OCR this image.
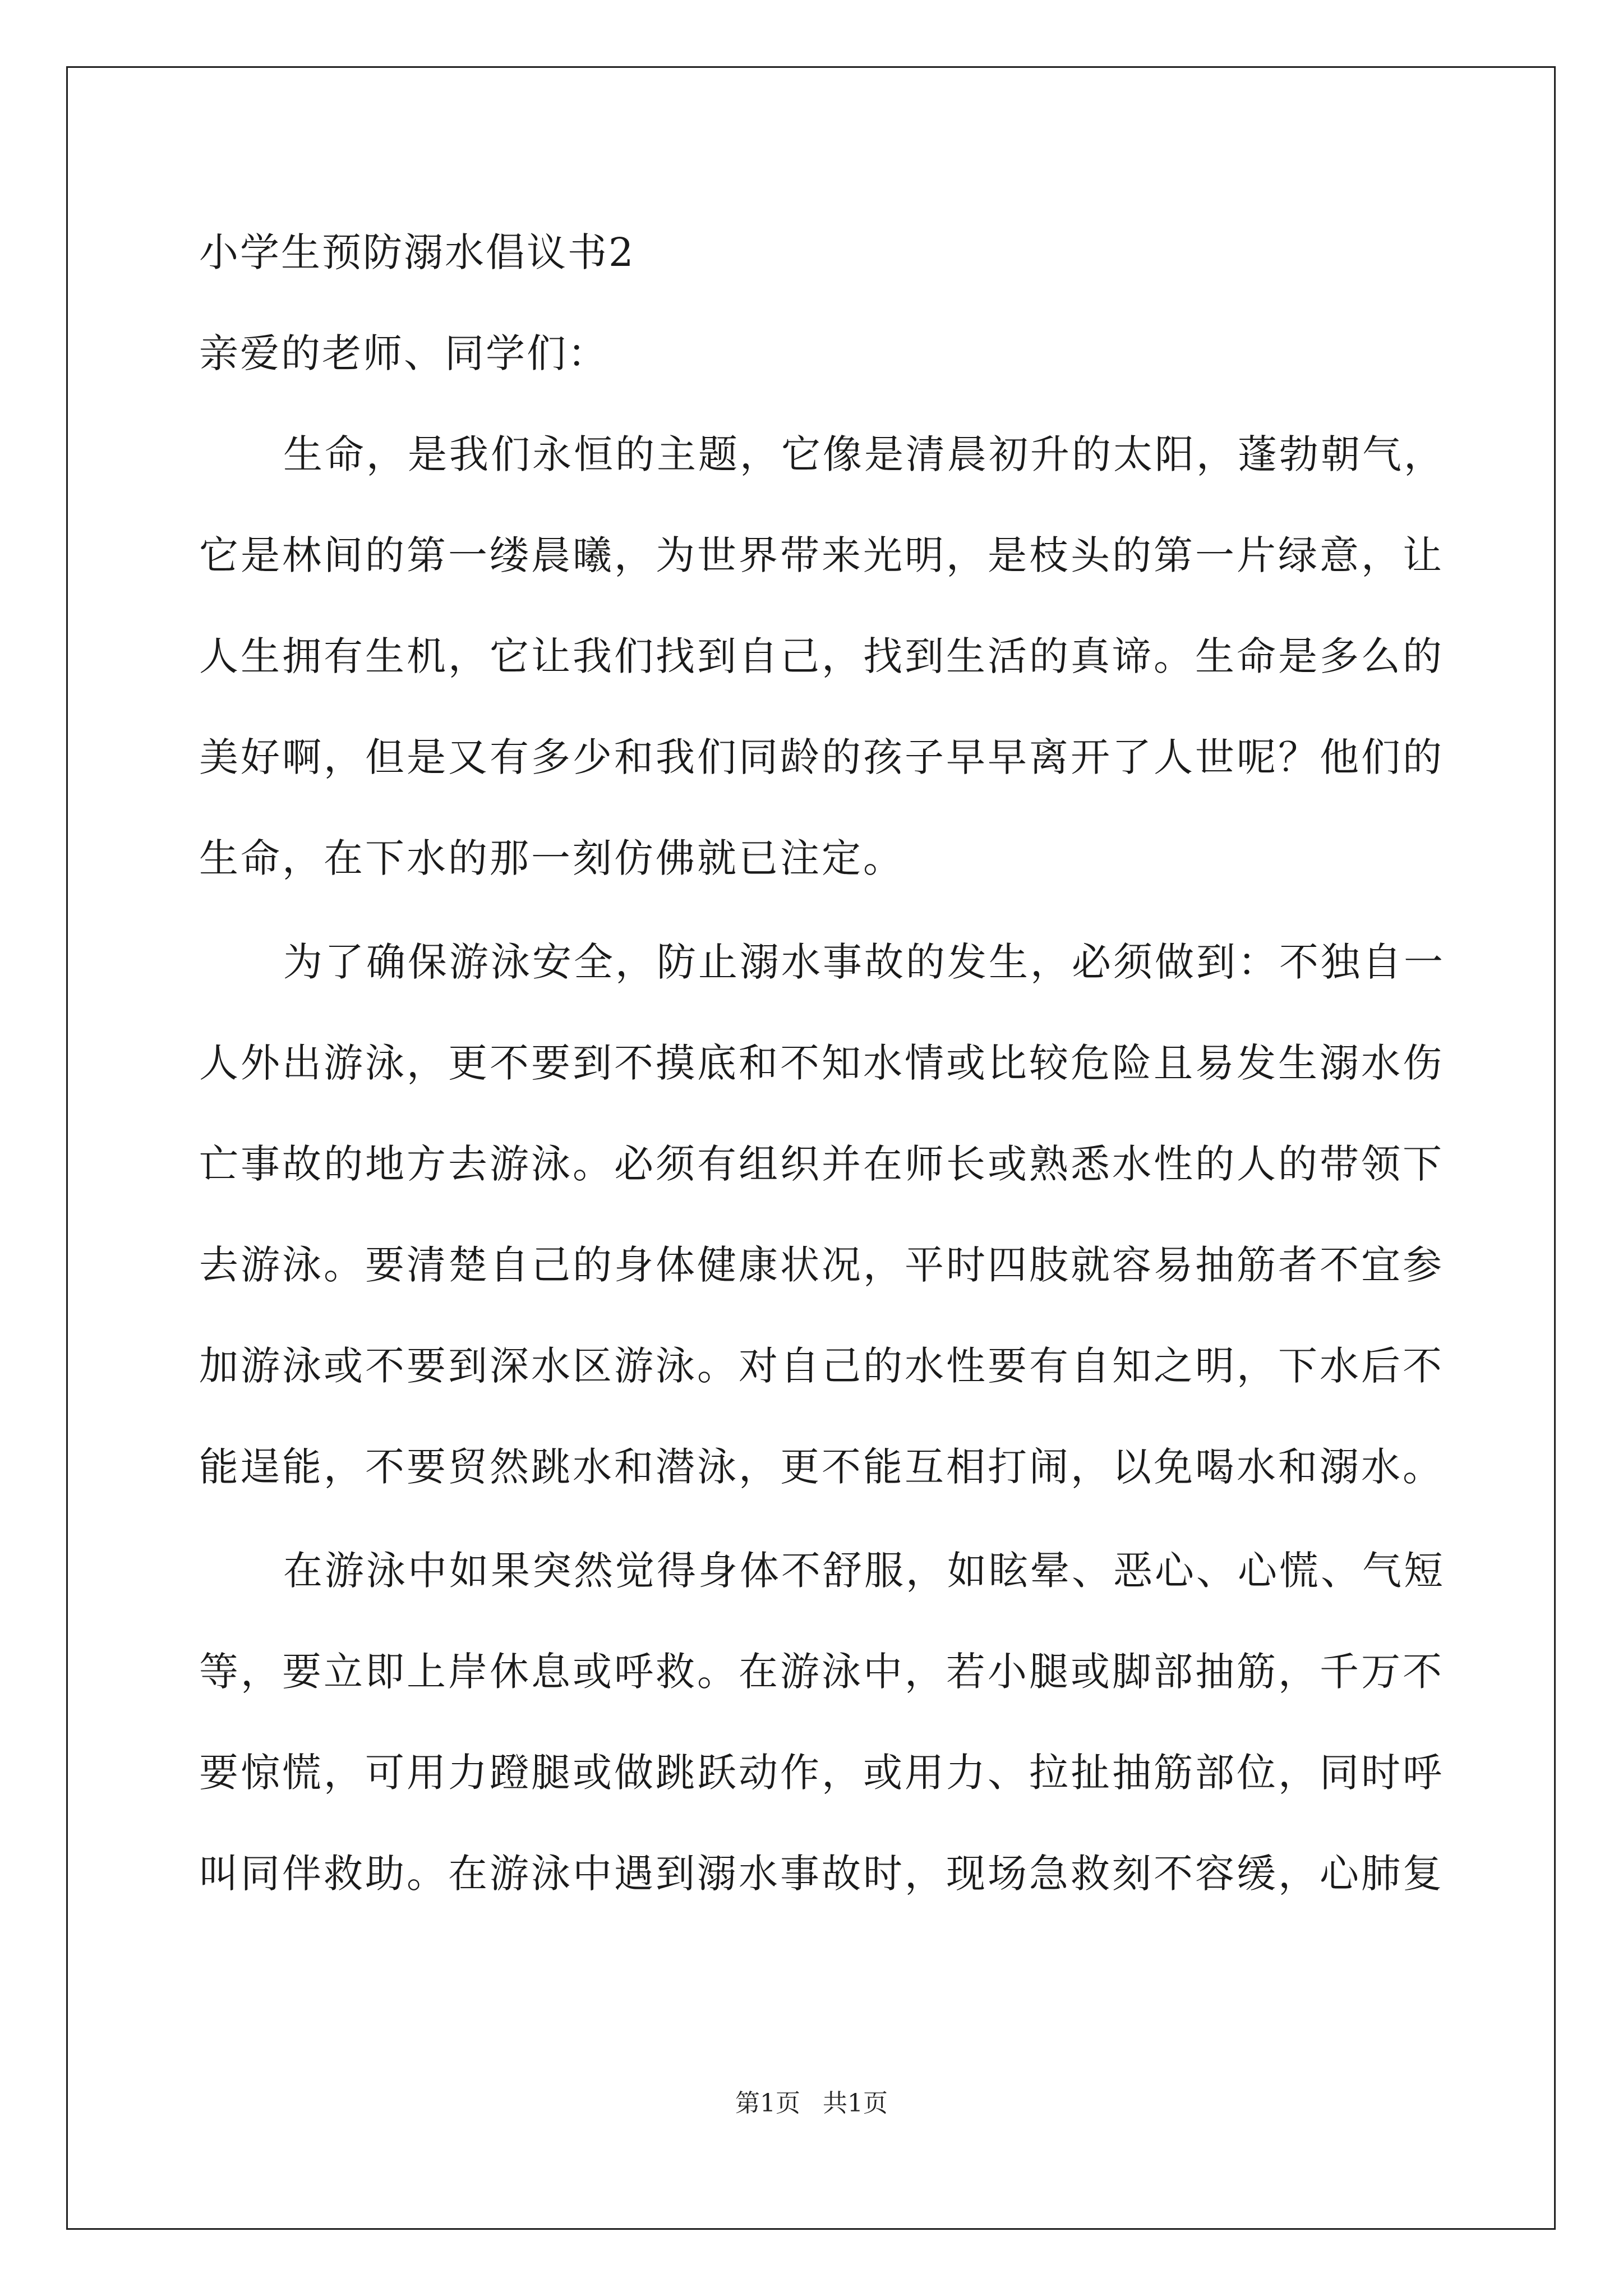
小学生预防溺水倡议书2
亲爱的老师、同学们：
生命，是我们永恒的主题，它像是清晨初升的太阳，蓬勃朝气，
它是林间的第一缕晨曦，为世界带来光明，是枝头的第一片绿意，让
人生拥有生机，它让我们找到自己，找到生活的真谛。生命是多么的
美好啊，但是又有多少和我们同龄的孩子早早离开了人世呢？他们的
生命，在下水的那一刻仿佛就已注定。
为了确保游泳安全，防止溺水事故的发生，必须做到：不独自一
人外出游泳，更不要到不摸底和不知水情或比较危险且易发生溺水伤
亡事故的地方去游泳。必须有组织并在师长或熟悉水性的人的带领下
去游泳。要清楚自己的身体健康状况，平时四肢就容易抽筋者不宜参
加游泳或不要到深水区游泳。对自己的水性要有自知之明，下水后不
能逞能，不要贸然跳水和潜泳，更不能互相打闹，以免喝水和溺水。
在游泳中如果突然觉得身体不舒服，如眩晕、恶心、心慌、气短
等，要立即上岸休息或呼救。在游泳中，若小腿或脚部抽筋，千万不
要惊慌，可用力蹬腿或做跳跃动作，或用力、拉扯抽筋部位，同时呼
叫同伴救助。在游泳中遇到溺水事故时，现场急救刻不容缓，心肺复
第1页 共1页
